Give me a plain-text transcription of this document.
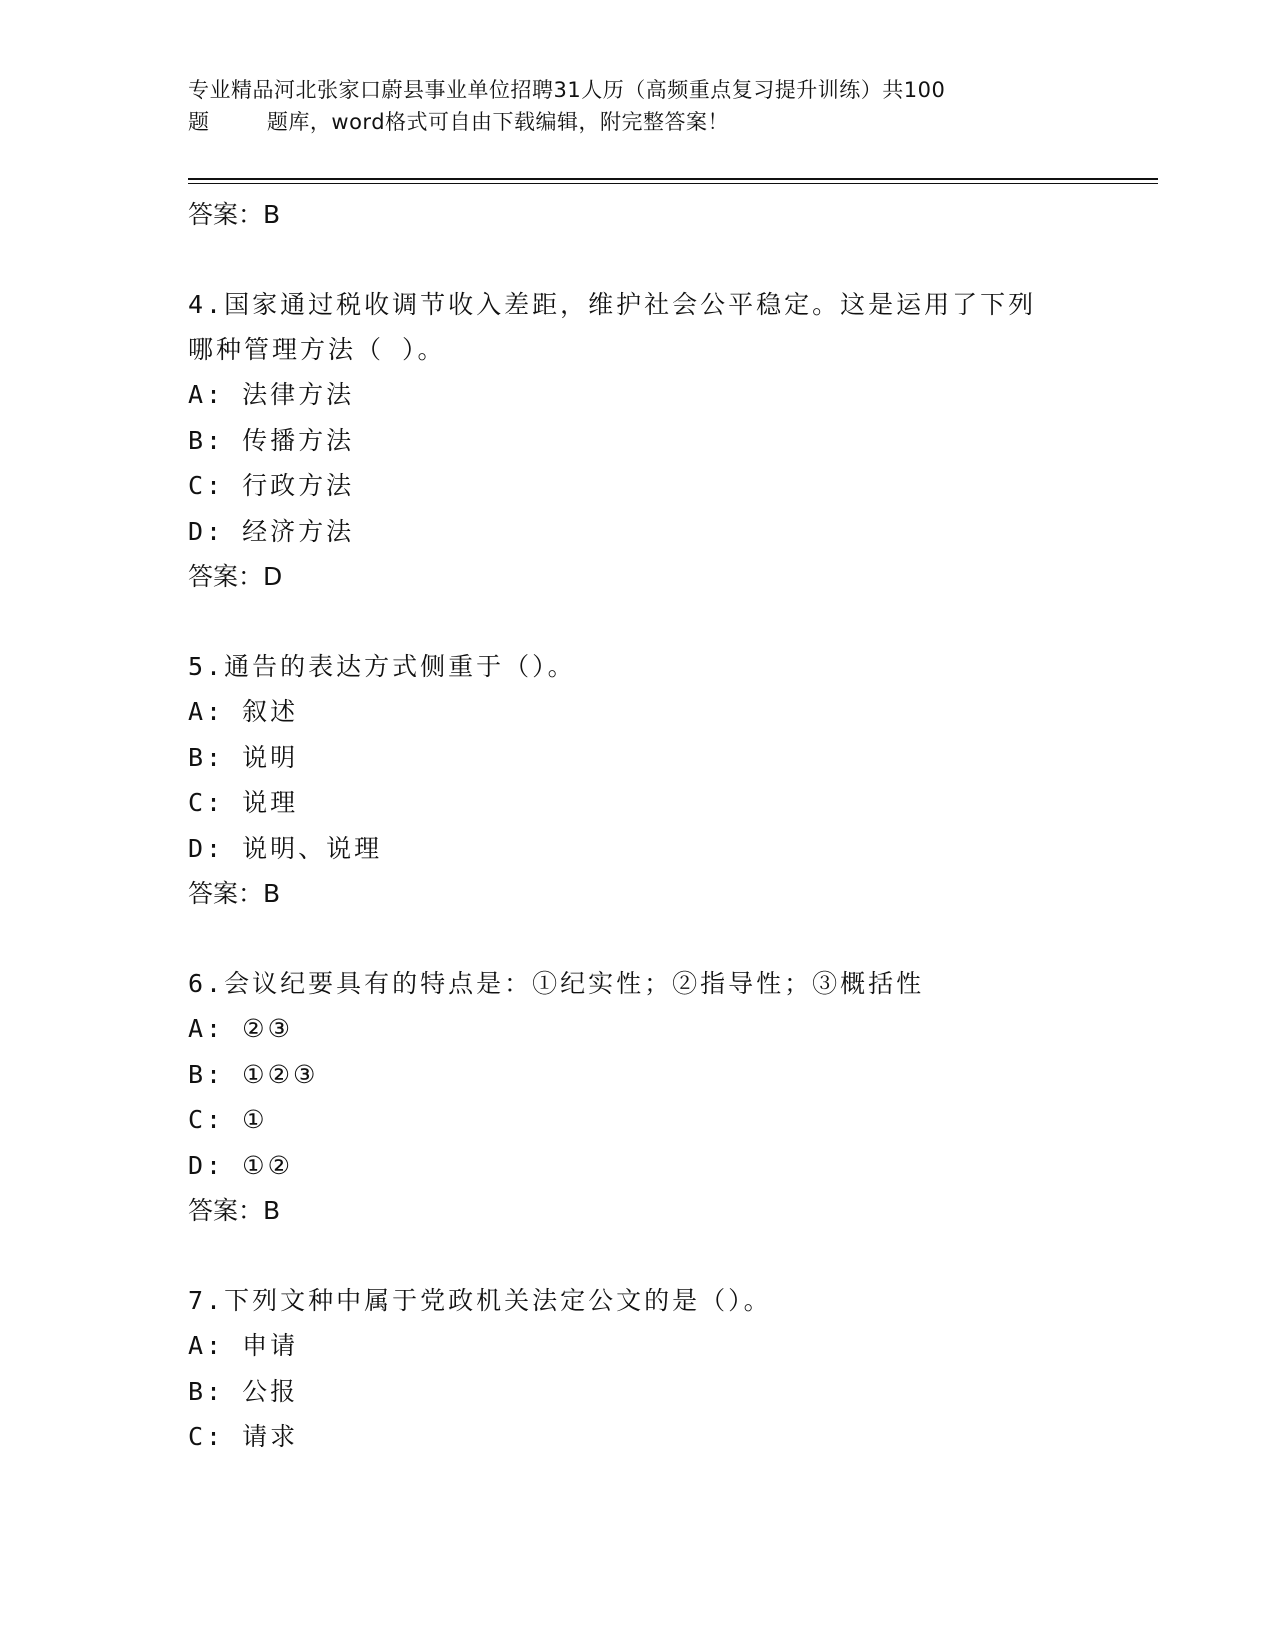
专业精品河北张家口蔚县事业单位招聘31人历（高频重点复习提升训练）共100
题        题库，word格式可自由下载编辑，附完整答案！
答案：B
4.国家通过税收调节收入差距，维护社会公平稳定。这是运用了下列
哪种管理方法（ ）。
A: 法律方法
B: 传播方法
C: 行政方法
D: 经济方法
答案：D
5.通告的表达方式侧重于（）。
A: 叙述
B: 说明
C: 说理
D: 说明、说理
答案：B
6.会议纪要具有的特点是：①纪实性；②指导性；③概括性
A: ②③
B: ①②③
C: ①
D: ①②
答案：B
7.下列文种中属于党政机关法定公文的是（）。
A: 申请
B: 公报
C: 请求
